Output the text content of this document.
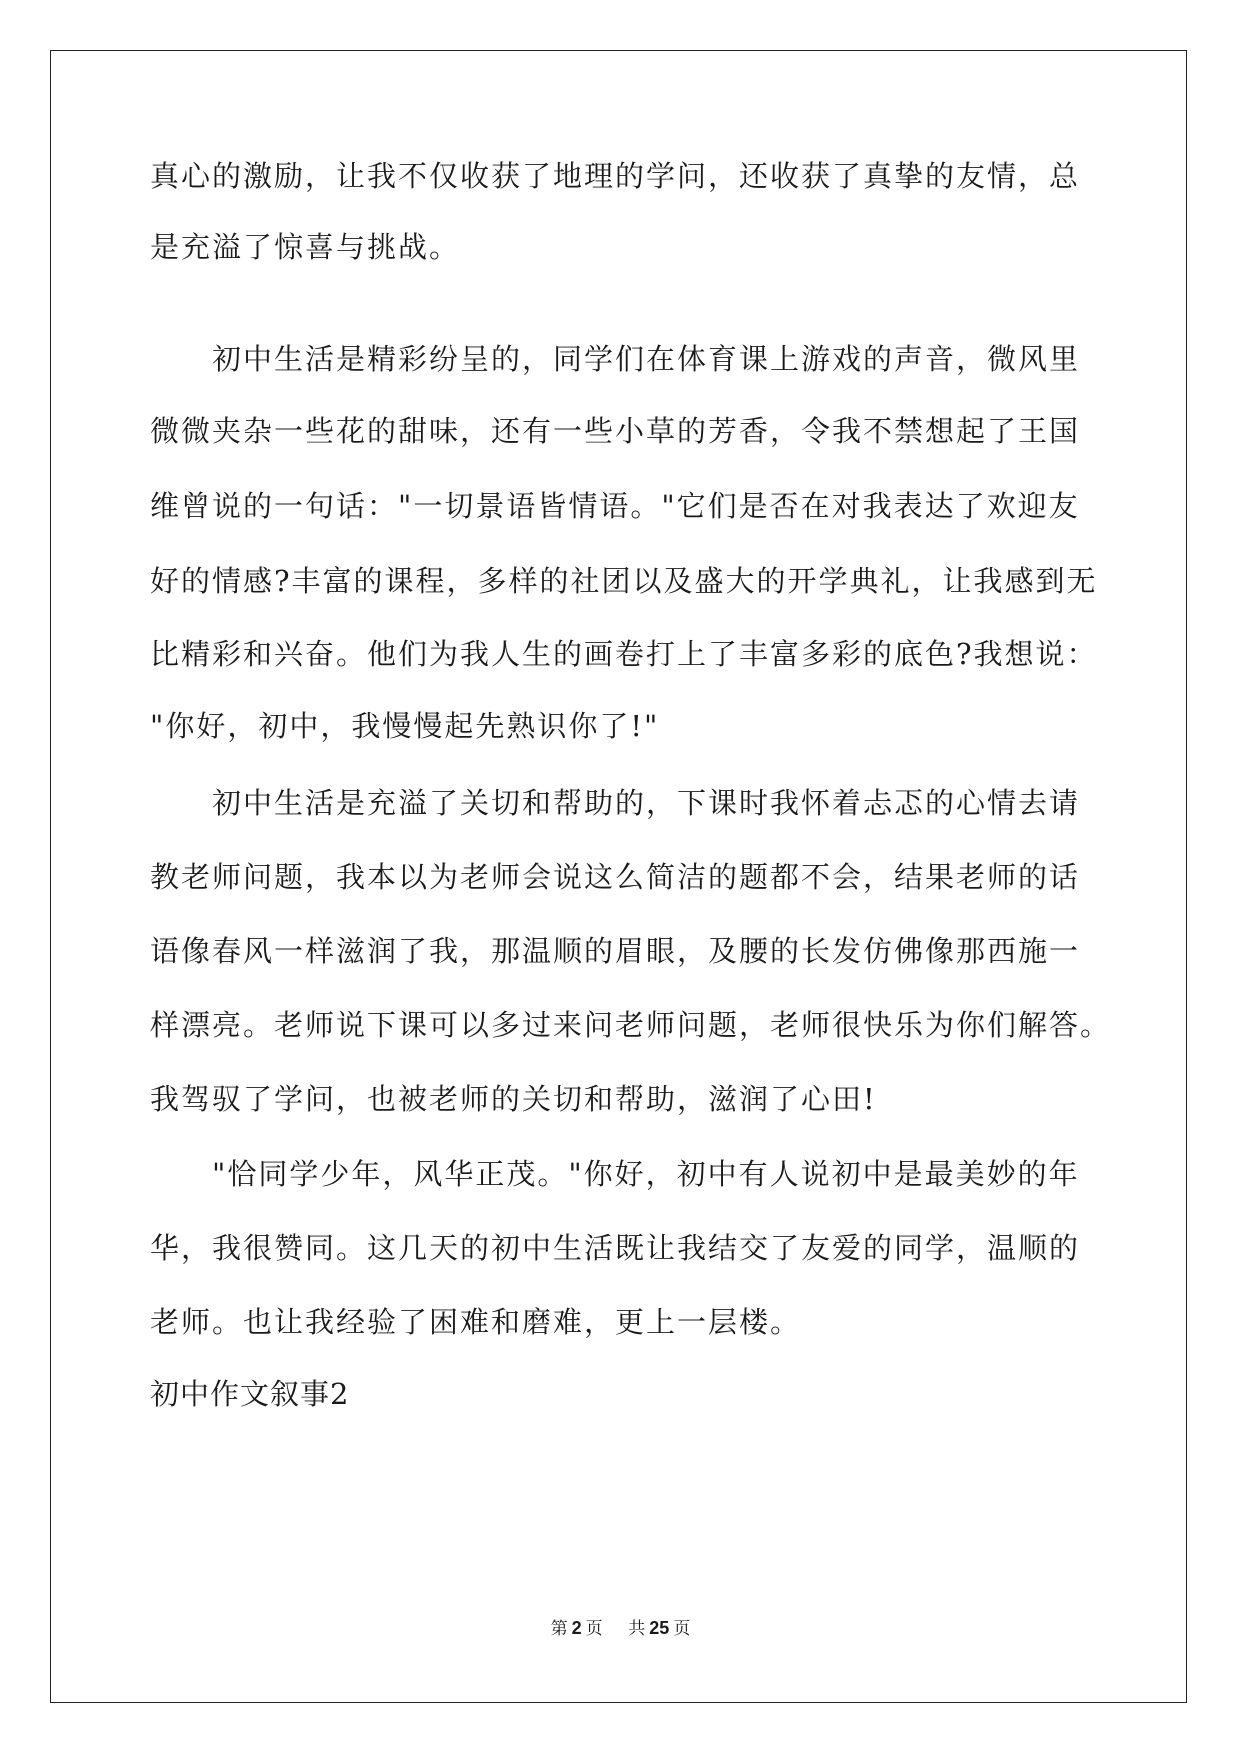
真心的激励，让我不仅收获了地理的学问，还收获了真挚的友情，总
是充溢了惊喜与挑战。
初中生活是精彩纷呈的，同学们在体育课上游戏的声音，微风里
微微夹杂一些花的甜味，还有一些小草的芳香，令我不禁想起了王国
维曾说的一句话："一切景语皆情语。"它们是否在对我表达了欢迎友
好的情感?丰富的课程，多样的社团以及盛大的开学典礼，让我感到无
比精彩和兴奋。他们为我人生的画卷打上了丰富多彩的底色?我想说：
"你好，初中，我慢慢起先熟识你了!"
初中生活是充溢了关切和帮助的，下课时我怀着忐忑的心情去请
教老师问题，我本以为老师会说这么简洁的题都不会，结果老师的话
语像春风一样滋润了我，那温顺的眉眼，及腰的长发仿佛像那西施一
样漂亮。老师说下课可以多过来问老师问题，老师很快乐为你们解答。
我驾驭了学问，也被老师的关切和帮助，滋润了心田!
"恰同学少年，风华正茂。"你好，初中有人说初中是最美妙的年
华，我很赞同。这几天的初中生活既让我结交了友爱的同学，温顺的
老师。也让我经验了困难和磨难，更上一层楼。
初中作文叙事2
第 2 页 共 25 页
